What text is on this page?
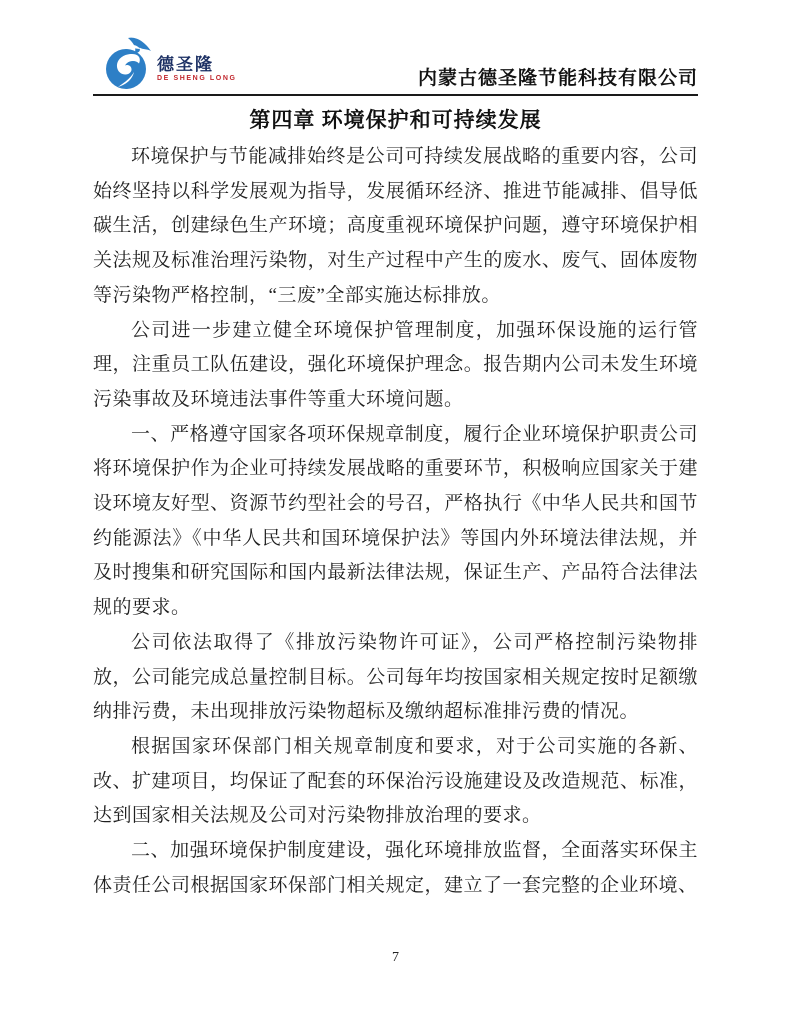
德圣隆
DE SHENG LONG	内蒙古德圣隆节能科技有限公司
第四章 环境保护和可持续发展

环境保护与节能减排始终是公司可持续发展战略的重要内容，公司始终坚持以科学发展观为指导，发展循环经济、推进节能减排、倡导低碳生活，创建绿色生产环境；高度重视环境保护问题，遵守环境保护相关法规及标准治理污染物，对生产过程中产生的废水、废气、固体废物等污染物严格控制，“三废”全部实施达标排放。

公司进一步建立健全环境保护管理制度，加强环保设施的运行管理，注重员工队伍建设，强化环境保护理念。报告期内公司未发生环境污染事故及环境违法事件等重大环境问题。

一、严格遵守国家各项环保规章制度，履行企业环境保护职责公司将环境保护作为企业可持续发展战略的重要环节，积极响应国家关于建设环境友好型、资源节约型社会的号召，严格执行《中华人民共和国节约能源法》《中华人民共和国环境保护法》等国内外环境法律法规，并及时搜集和研究国际和国内最新法律法规，保证生产、产品符合法律法规的要求。

公司依法取得了《排放污染物许可证》，公司严格控制污染物排放，公司能完成总量控制目标。公司每年均按国家相关规定按时足额缴纳排污费，未出现排放污染物超标及缴纳超标准排污费的情况。

根据国家环保部门相关规章制度和要求，对于公司实施的各新、改、扩建项目，均保证了配套的环保治污设施建设及改造规范、标准，达到国家相关法规及公司对污染物排放治理的要求。

二、加强环境保护制度建设，强化环境排放监督，全面落实环保主体责任公司根据国家环保部门相关规定，建立了一套完整的企业环境、

7
